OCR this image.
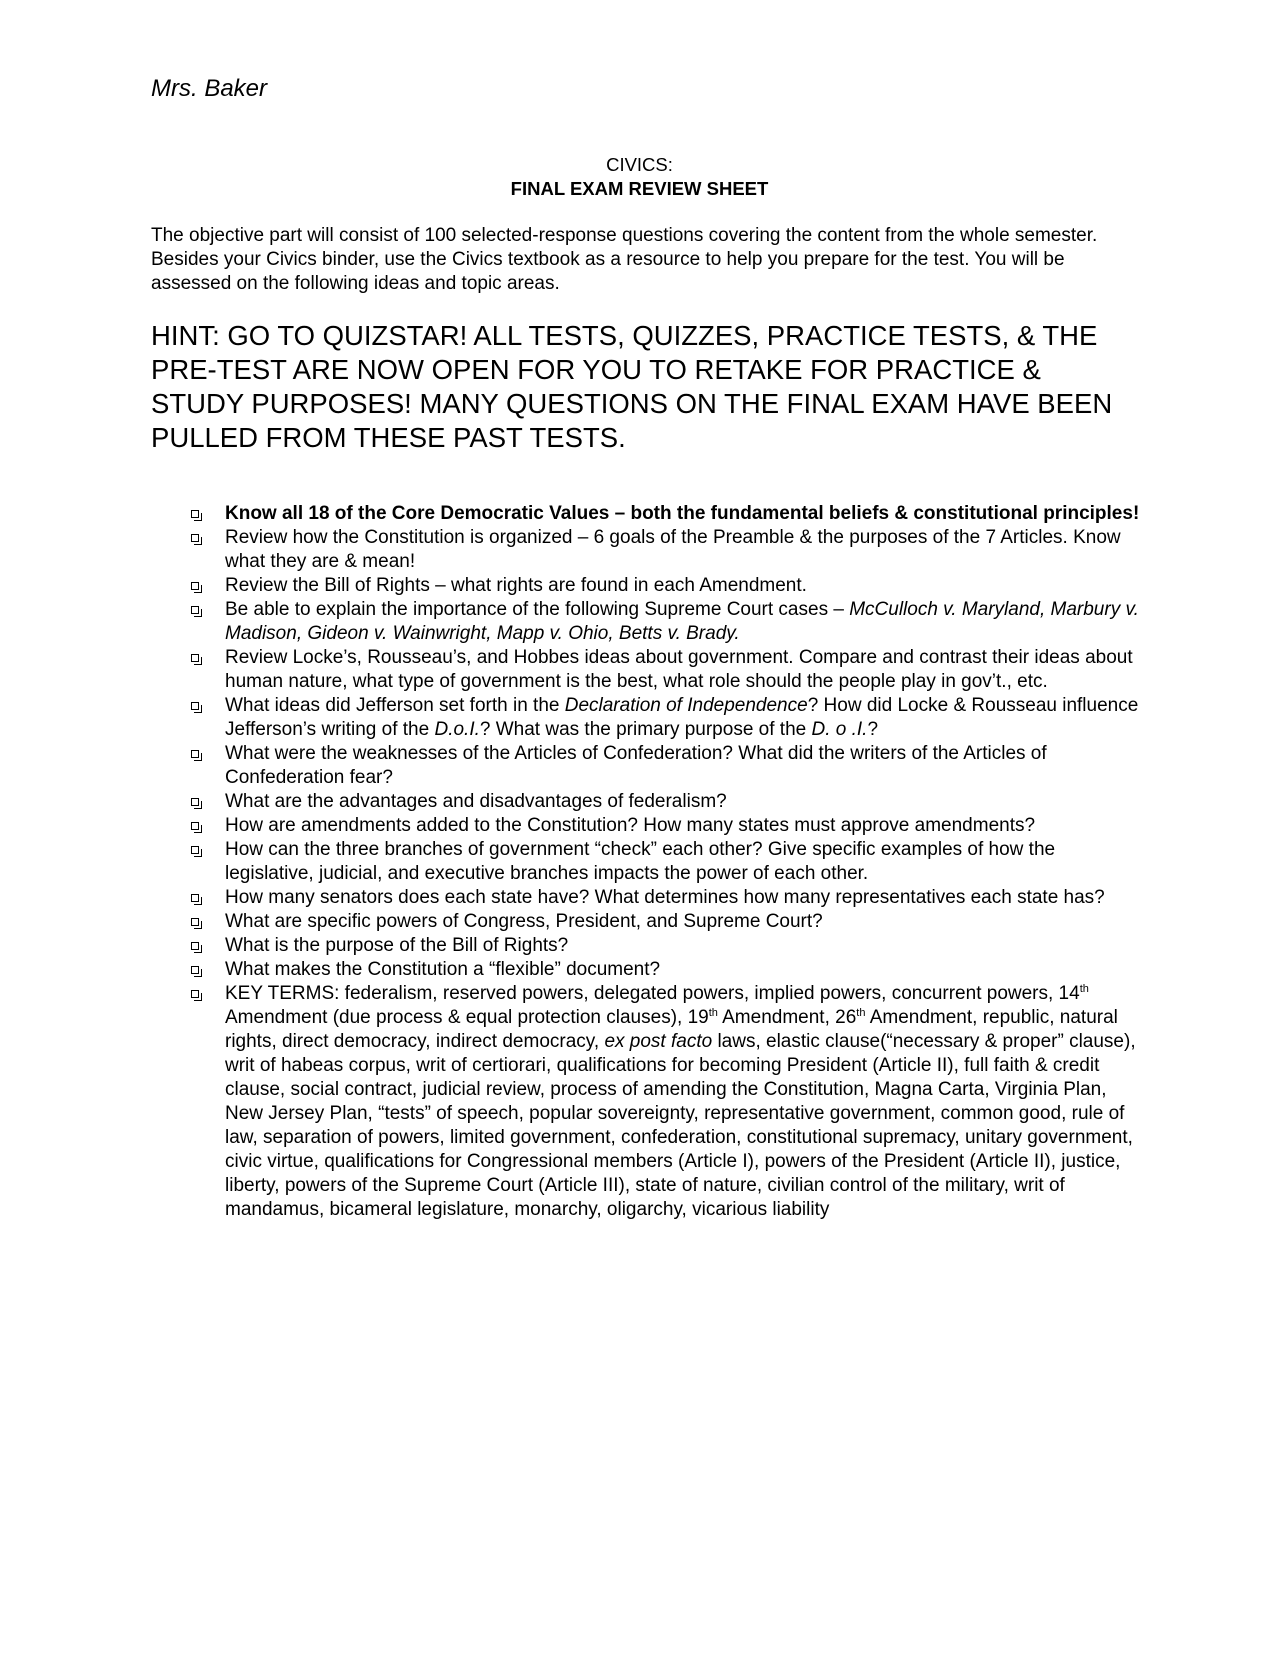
Mrs. Baker

CIVICS:

FINAL EXAM REVIEW SHEET

The objective part will consist of 100 selected-response questions covering the content from the whole semester. Besides your Civics binder, use the Civics textbook as a resource to help you prepare for the test. You will be assessed on the following ideas and topic areas.

HINT: GO TO QUIZSTAR! ALL TESTS, QUIZZES, PRACTICE TESTS, & THE PRE-TEST ARE NOW OPEN FOR YOU TO RETAKE FOR PRACTICE & STUDY PURPOSES! MANY QUESTIONS ON THE FINAL EXAM HAVE BEEN PULLED FROM THESE PAST TESTS.

Know all 18 of the Core Democratic Values – both the fundamental beliefs & constitutional principles!
Review how the Constitution is organized – 6 goals of the Preamble & the purposes of the 7 Articles. Know what they are & mean!
Review the Bill of Rights – what rights are found in each Amendment.
Be able to explain the importance of the following Supreme Court cases – McCulloch v. Maryland, Marbury v. Madison, Gideon v. Wainwright, Mapp v. Ohio, Betts v. Brady.
Review Locke’s, Rousseau’s, and Hobbes ideas about government. Compare and contrast their ideas about human nature, what type of government is the best, what role should the people play in gov’t., etc.
What ideas did Jefferson set forth in the Declaration of Independence? How did Locke & Rousseau influence Jefferson’s writing of the D.o.I.? What was the primary purpose of the D. o .I.?
What were the weaknesses of the Articles of Confederation? What did the writers of the Articles of Confederation fear?
What are the advantages and disadvantages of federalism?
How are amendments added to the Constitution? How many states must approve amendments?
How can the three branches of government “check” each other? Give specific examples of how the legislative, judicial, and executive branches impacts the power of each other.
How many senators does each state have? What determines how many representatives each state has?
What are specific powers of Congress, President, and Supreme Court?
What is the purpose of the Bill of Rights?
What makes the Constitution a “flexible” document?
KEY TERMS: federalism, reserved powers, delegated powers, implied powers, concurrent powers, 14th Amendment (due process & equal protection clauses), 19th Amendment, 26th Amendment, republic, natural rights, direct democracy, indirect democracy, ex post facto laws, elastic clause(“necessary & proper” clause), writ of habeas corpus, writ of certiorari, qualifications for becoming President (Article II), full faith & credit clause, social contract, judicial review, process of amending the Constitution, Magna Carta, Virginia Plan, New Jersey Plan, “tests” of speech, popular sovereignty, representative government, common good, rule of law, separation of powers, limited government, confederation, constitutional supremacy, unitary government, civic virtue, qualifications for Congressional members (Article I), powers of the President (Article II), justice, liberty, powers of the Supreme Court (Article III), state of nature, civilian control of the military, writ of mandamus, bicameral legislature, monarchy, oligarchy, vicarious liability
